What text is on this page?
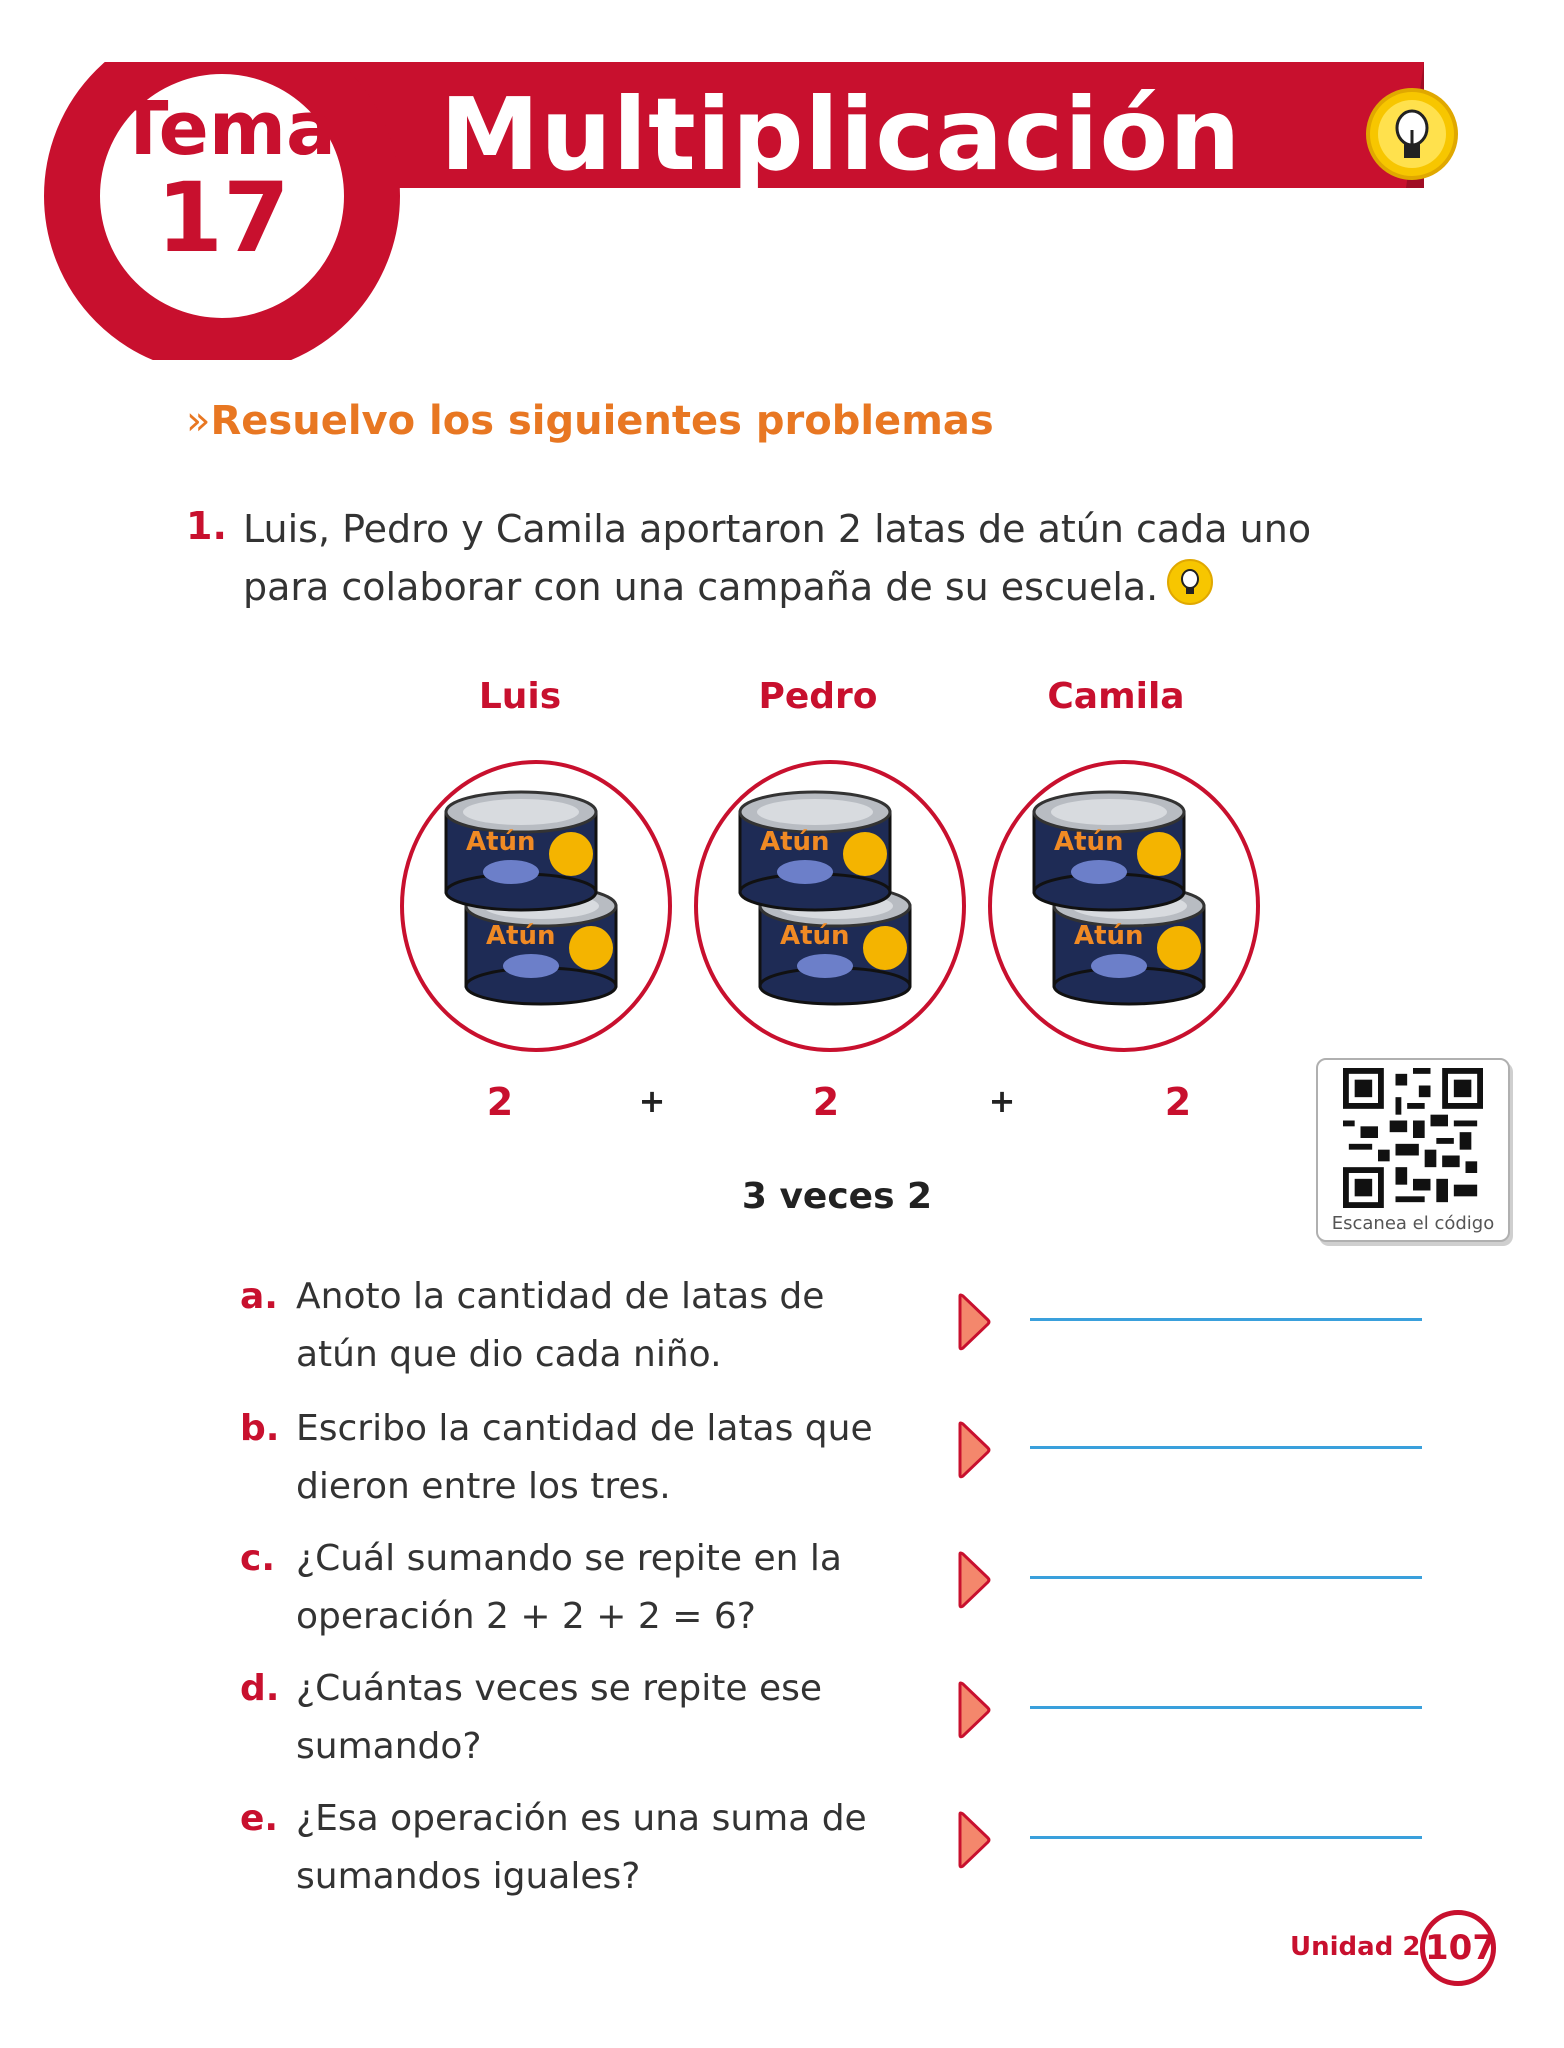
Tema
17
Multiplicación
»Resuelvo los siguientes problemas
1. Luis, Pedro y Camila aportaron 2 latas de atún cada uno para colaborar con una campaña de su escuela.
Luis	Pedro	Camila
Atún
Atún
Atún
Atún
Atún
Atún
2	+	2	+	2
3 veces 2
Escanea el código
a. Anoto la cantidad de latas de atún que dio cada niño.
b. Escribo la cantidad de latas que dieron entre los tres.
c. ¿Cuál sumando se repite en la operación 2 + 2 + 2 = 6?
d. ¿Cuántas veces se repite ese sumando?
e. ¿Esa operación es una suma de sumandos iguales?
Unidad 2 107
